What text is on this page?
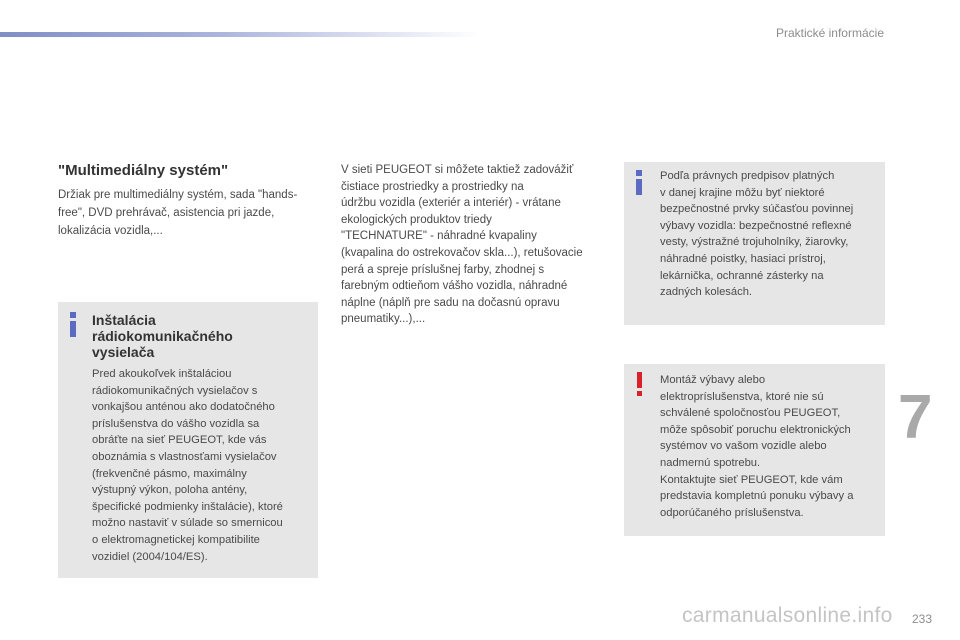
Praktické informácie
"Multimediálny systém"

Držiak pre multimediálny systém, sada "hands-
free", DVD prehrávač, asistencia pri jazde,
lokalizácia vozidla,...

Inštalácia
rádiokomunikačného
vysielača

Pred akoukoľvek inštaláciou
rádiokomunikačných vysielačov s
vonkajšou anténou ako dodatočného
príslušenstva do vášho vozidla sa
obráťte na sieť PEUGEOT, kde vás
oboznámia s vlastnosťami vysielačov
(frekvenčné pásmo, maximálny
výstupný výkon, poloha antény,
špecifické podmienky inštalácie), ktoré
možno nastaviť v súlade so smernicou
o elektromagnetickej kompatibilite
vozidiel (2004/104/ES).

V sieti PEUGEOT si môžete taktiež zadovážiť
čistiace prostriedky a prostriedky na
údržbu vozidla (exteriér a interiér) - vrátane
ekologických produktov triedy
"TECHNATURE" - náhradné kvapaliny
(kvapalina do ostrekovačov skla...), retušovacie
perá a spreje príslušnej farby, zhodnej s
farebným odtieňom vášho vozidla, náhradné
náplne (náplň pre sadu na dočasnú opravu
pneumatiky...),...

Podľa právnych predpisov platných
v danej krajine môžu byť niektoré
bezpečnostné prvky súčasťou povinnej
výbavy vozidla: bezpečnostné reflexné
vesty, výstražné trojuholníky, žiarovky,
náhradné poistky, hasiaci prístroj,
lekárnička, ochranné zásterky na
zadných kolesách.

Montáž výbavy alebo
elektropríslušenstva, ktoré nie sú
schválené spoločnosťou PEUGEOT,
môže spôsobiť poruchu elektronických
systémov vo vašom vozidle alebo
nadmernú spotrebu.
Kontaktujte sieť PEUGEOT, kde vám
predstavia kompletnú ponuku výbavy a
odporúčaného príslušenstva.

7
carmanualsonline.info 233
